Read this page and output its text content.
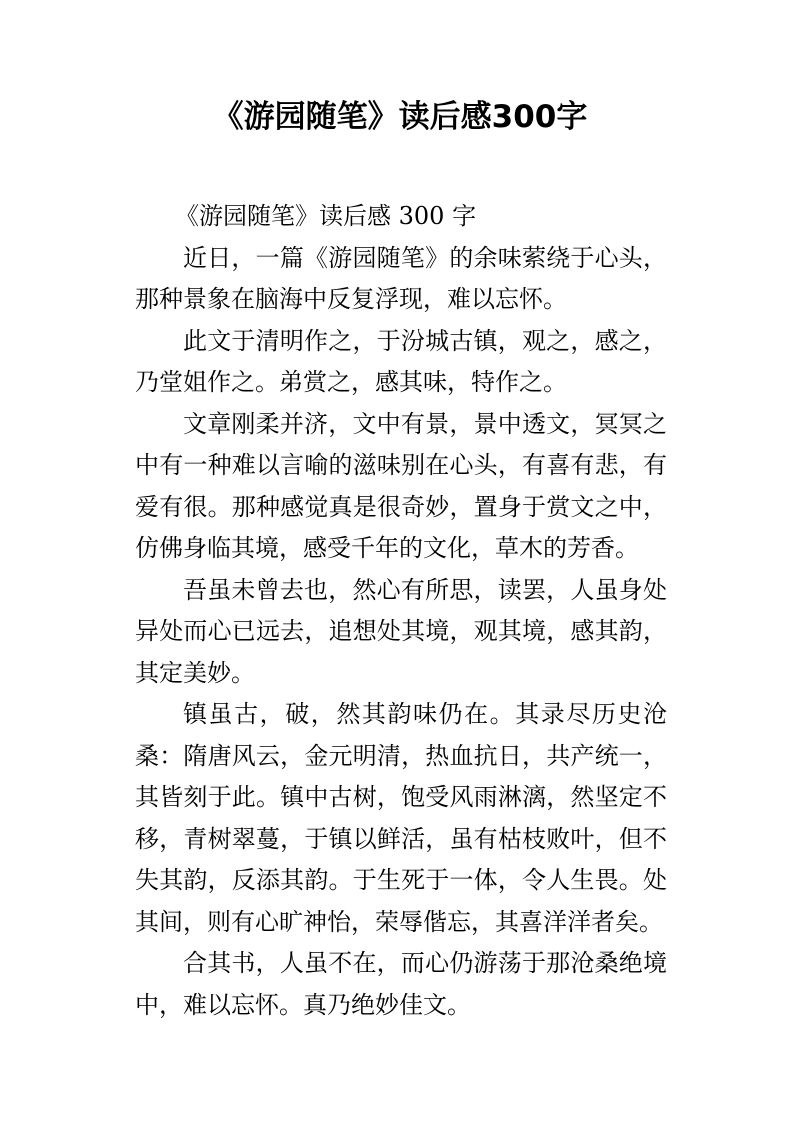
《游园随笔》读后感300字

《游园随笔》读后感 300 字

近日，一篇《游园随笔》的余味萦绕于心头，那种景象在脑海中反复浮现，难以忘怀。

此文于清明作之，于汾城古镇，观之，感之，乃堂姐作之。弟赏之，感其味，特作之。

文章刚柔并济，文中有景，景中透文，冥冥之中有一种难以言喻的滋味别在心头，有喜有悲，有爱有很。那种感觉真是很奇妙，置身于赏文之中，仿佛身临其境，感受千年的文化，草木的芳香。

吾虽未曾去也，然心有所思，读罢，人虽身处异处而心已远去，追想处其境，观其境，感其韵，其定美妙。

镇虽古，破，然其韵味仍在。其录尽历史沧桑：隋唐风云，金元明清，热血抗日，共产统一，其皆刻于此。镇中古树，饱受风雨淋漓，然坚定不移，青树翠蔓，于镇以鲜活，虽有枯枝败叶，但不失其韵，反添其韵。于生死于一体，令人生畏。处其间，则有心旷神怡，荣辱偕忘，其喜洋洋者矣。

合其书，人虽不在，而心仍游荡于那沧桑绝境中，难以忘怀。真乃绝妙佳文。
